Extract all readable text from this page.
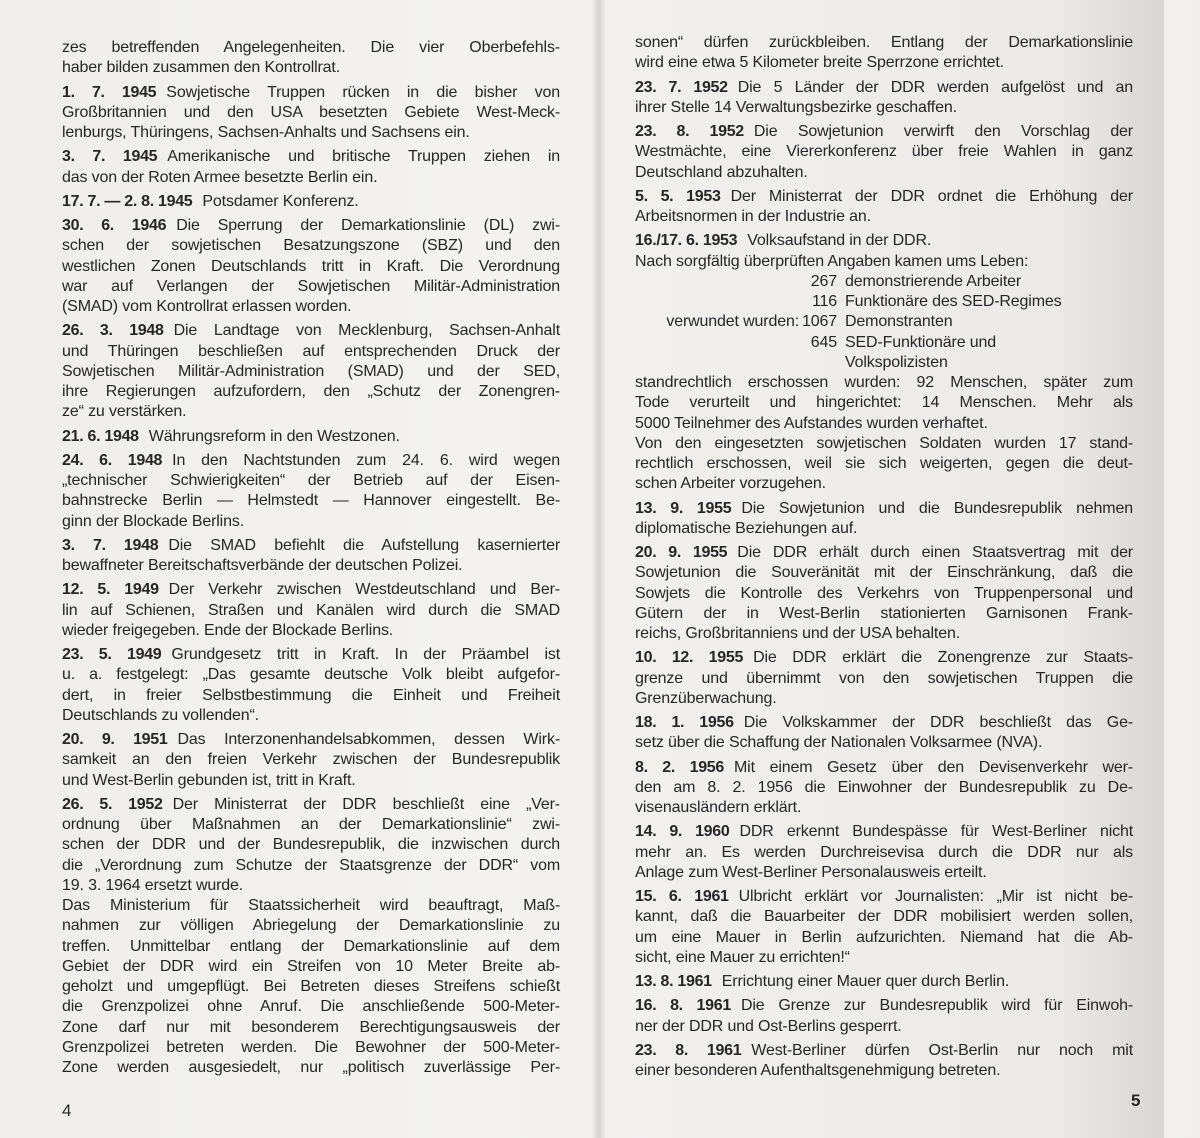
zes betreffenden Angelegenheiten. Die vier Oberbefehls-
haber bilden zusammen den Kontrollrat.
1. 7. 1945 Sowjetische Truppen rücken in die bisher von
Großbritannien und den USA besetzten Gebiete West-Meck-
lenburgs, Thüringens, Sachsen-Anhalts und Sachsens ein.
3. 7. 1945 Amerikanische und britische Truppen ziehen in
das von der Roten Armee besetzte Berlin ein.
17. 7. — 2. 8. 1945 Potsdamer Konferenz.
30. 6. 1946 Die Sperrung der Demarkationslinie (DL) zwi-
schen der sowjetischen Besatzungszone (SBZ) und den
westlichen Zonen Deutschlands tritt in Kraft. Die Verordnung
war auf Verlangen der Sowjetischen Militär-Administration
(SMAD) vom Kontrollrat erlassen worden.
26. 3. 1948 Die Landtage von Mecklenburg, Sachsen-Anhalt
und Thüringen beschließen auf entsprechenden Druck der
Sowjetischen Militär-Administration (SMAD) und der SED,
ihre Regierungen aufzufordern, den „Schutz der Zonengren-
ze“ zu verstärken.
21. 6. 1948 Währungsreform in den Westzonen.
24. 6. 1948 In den Nachtstunden zum 24. 6. wird wegen
„technischer Schwierigkeiten“ der Betrieb auf der Eisen-
bahnstrecke Berlin — Helmstedt — Hannover eingestellt. Be-
ginn der Blockade Berlins.
3. 7. 1948 Die SMAD befiehlt die Aufstellung kasernierter
bewaffneter Bereitschaftsverbände der deutschen Polizei.
12. 5. 1949 Der Verkehr zwischen Westdeutschland und Ber-
lin auf Schienen, Straßen und Kanälen wird durch die SMAD
wieder freigegeben. Ende der Blockade Berlins.
23. 5. 1949 Grundgesetz tritt in Kraft. In der Präambel ist
u. a. festgelegt: „Das gesamte deutsche Volk bleibt aufgefor-
dert, in freier Selbstbestimmung die Einheit und Freiheit
Deutschlands zu vollenden“.
20. 9. 1951 Das Interzonenhandelsabkommen, dessen Wirk-
samkeit an den freien Verkehr zwischen der Bundesrepublik
und West-Berlin gebunden ist, tritt in Kraft.
26. 5. 1952 Der Ministerrat der DDR beschließt eine „Ver-
ordnung über Maßnahmen an der Demarkationslinie“ zwi-
schen der DDR und der Bundesrepublik, die inzwischen durch
die „Verordnung zum Schutze der Staatsgrenze der DDR“ vom
19. 3. 1964 ersetzt wurde.
Das Ministerium für Staatssicherheit wird beauftragt, Maß-
nahmen zur völligen Abriegelung der Demarkationslinie zu
treffen. Unmittelbar entlang der Demarkationslinie auf dem
Gebiet der DDR wird ein Streifen von 10 Meter Breite ab-
geholzt und umgepflügt. Bei Betreten dieses Streifens schießt
die Grenzpolizei ohne Anruf. Die anschließende 500-Meter-
Zone darf nur mit besonderem Berechtigungsausweis der
Grenzpolizei betreten werden. Die Bewohner der 500-Meter-
Zone werden ausgesiedelt, nur „politisch zuverlässige Per-
4
sonen“ dürfen zurückbleiben. Entlang der Demarkationslinie
wird eine etwa 5 Kilometer breite Sperrzone errichtet.
23. 7. 1952 Die 5 Länder der DDR werden aufgelöst und an
ihrer Stelle 14 Verwaltungsbezirke geschaffen.
23. 8. 1952 Die Sowjetunion verwirft den Vorschlag der
Westmächte, eine Viererkonferenz über freie Wahlen in ganz
Deutschland abzuhalten.
5. 5. 1953 Der Ministerrat der DDR ordnet die Erhöhung der
Arbeitsnormen in der Industrie an.
16./17. 6. 1953 Volksaufstand in der DDR.
Nach sorgfältig überprüften Angaben kamen ums Leben:
267 demonstrierende Arbeiter
116 Funktionäre des SED-Regimes
verwundet wurden: 1067 Demonstranten
645 SED-Funktionäre und
Volkspolizisten
standrechtlich erschossen wurden: 92 Menschen, später zum
Tode verurteilt und hingerichtet: 14 Menschen. Mehr als
5000 Teilnehmer des Aufstandes wurden verhaftet.
Von den eingesetzten sowjetischen Soldaten wurden 17 stand-
rechtlich erschossen, weil sie sich weigerten, gegen die deut-
schen Arbeiter vorzugehen.
13. 9. 1955 Die Sowjetunion und die Bundesrepublik nehmen
diplomatische Beziehungen auf.
20. 9. 1955 Die DDR erhält durch einen Staatsvertrag mit der
Sowjetunion die Souveränität mit der Einschränkung, daß die
Sowjets die Kontrolle des Verkehrs von Truppenpersonal und
Gütern der in West-Berlin stationierten Garnisonen Frank-
reichs, Großbritanniens und der USA behalten.
10. 12. 1955 Die DDR erklärt die Zonengrenze zur Staats-
grenze und übernimmt von den sowjetischen Truppen die
Grenzüberwachung.
18. 1. 1956 Die Volkskammer der DDR beschließt das Ge-
setz über die Schaffung der Nationalen Volksarmee (NVA).
8. 2. 1956 Mit einem Gesetz über den Devisenverkehr wer-
den am 8. 2. 1956 die Einwohner der Bundesrepublik zu De-
visenausländern erklärt.
14. 9. 1960 DDR erkennt Bundespässe für West-Berliner nicht
mehr an. Es werden Durchreisevisa durch die DDR nur als
Anlage zum West-Berliner Personalausweis erteilt.
15. 6. 1961 Ulbricht erklärt vor Journalisten: „Mir ist nicht be-
kannt, daß die Bauarbeiter der DDR mobilisiert werden sollen,
um eine Mauer in Berlin aufzurichten. Niemand hat die Ab-
sicht, eine Mauer zu errichten!“
13. 8. 1961 Errichtung einer Mauer quer durch Berlin.
16. 8. 1961 Die Grenze zur Bundesrepublik wird für Einwoh-
ner der DDR und Ost-Berlins gesperrt.
23. 8. 1961 West-Berliner dürfen Ost-Berlin nur noch mit
einer besonderen Aufenthaltsgenehmigung betreten.
5
